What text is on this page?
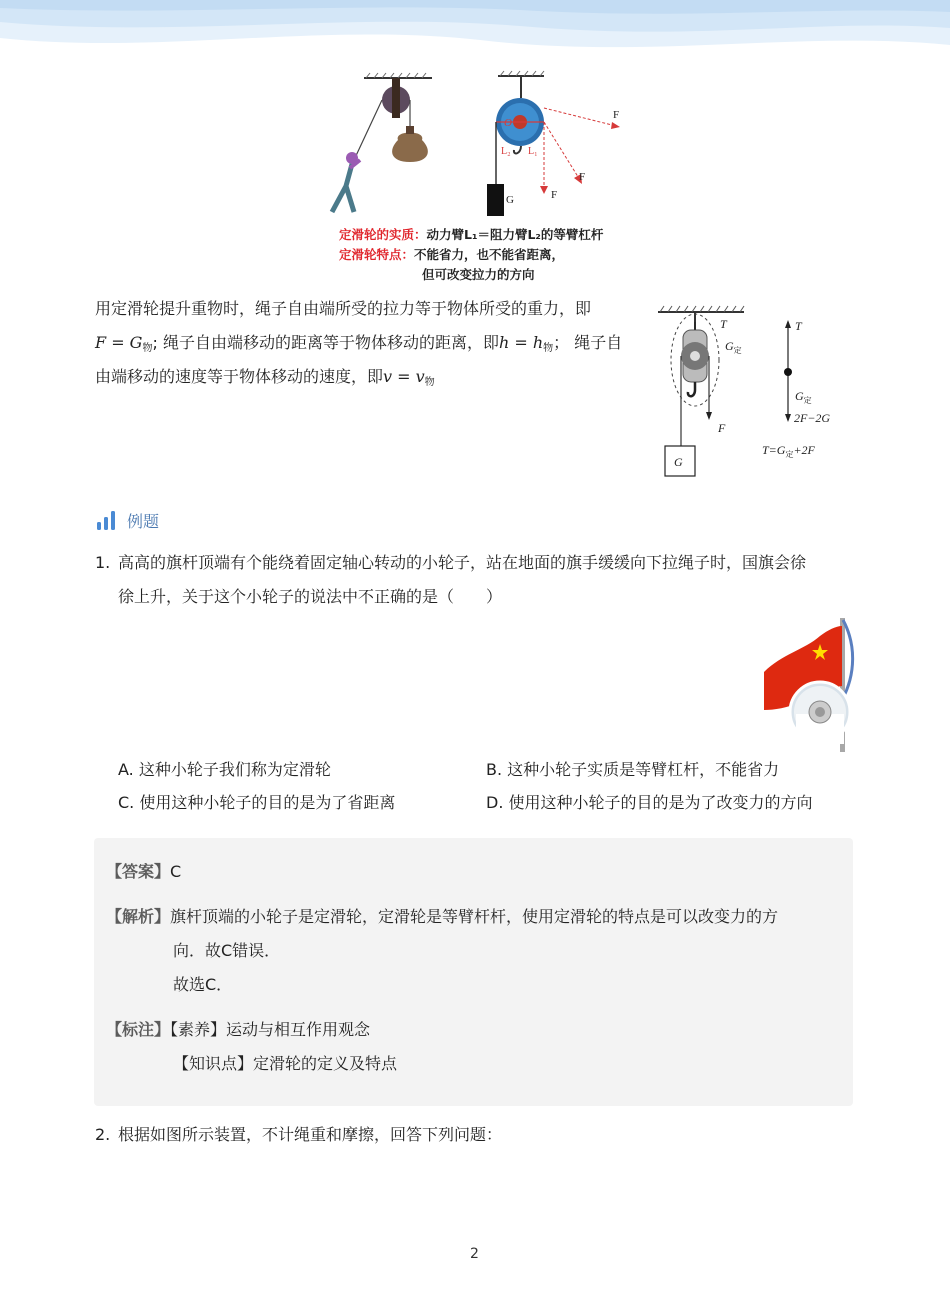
F
F
F
G
O
L₂ L₁
定滑轮的实质：动力臂L₁＝阻力臂L₂的等臂杠杆
定滑轮特点：不能省力，也不能省距离，
但可改变拉力的方向
用定滑轮提升重物时，绳子自由端所受的拉力等于物体所受的重力，即
$F = G_物$; 绳子自由端移动的距离等于物体移动的距离，即$h = h_物$； 绳子自
由端移动的速度等于物体移动的速度，即$v = v_物$
T
$G_定$
F
G
T
$G_定$
2F−2G
$T=G_定+2F$
例题
1. 高高的旗杆顶端有个能绕着固定轴心转动的小轮子，站在地面的旗手缓缓向下拉绳子时，国旗会徐
徐上升，关于这个小轮子的说法中不正确的是（　　）
A. 这种小轮子我们称为定滑轮	B. 这种小轮子实质是等臂杠杆，不能省力
C. 使用这种小轮子的目的是为了省距离	D. 使用这种小轮子的目的是为了改变力的方向
【答案】C
【解析】旗杆顶端的小轮子是定滑轮，定滑轮是等臂杆杆，使用定滑轮的特点是可以改变力的方
向．故C错误．
故选C．
【标注】【素养】运动与相互作用观念
【知识点】定滑轮的定义及特点
2. 根据如图所示装置，不计绳重和摩擦，回答下列问题：
2
